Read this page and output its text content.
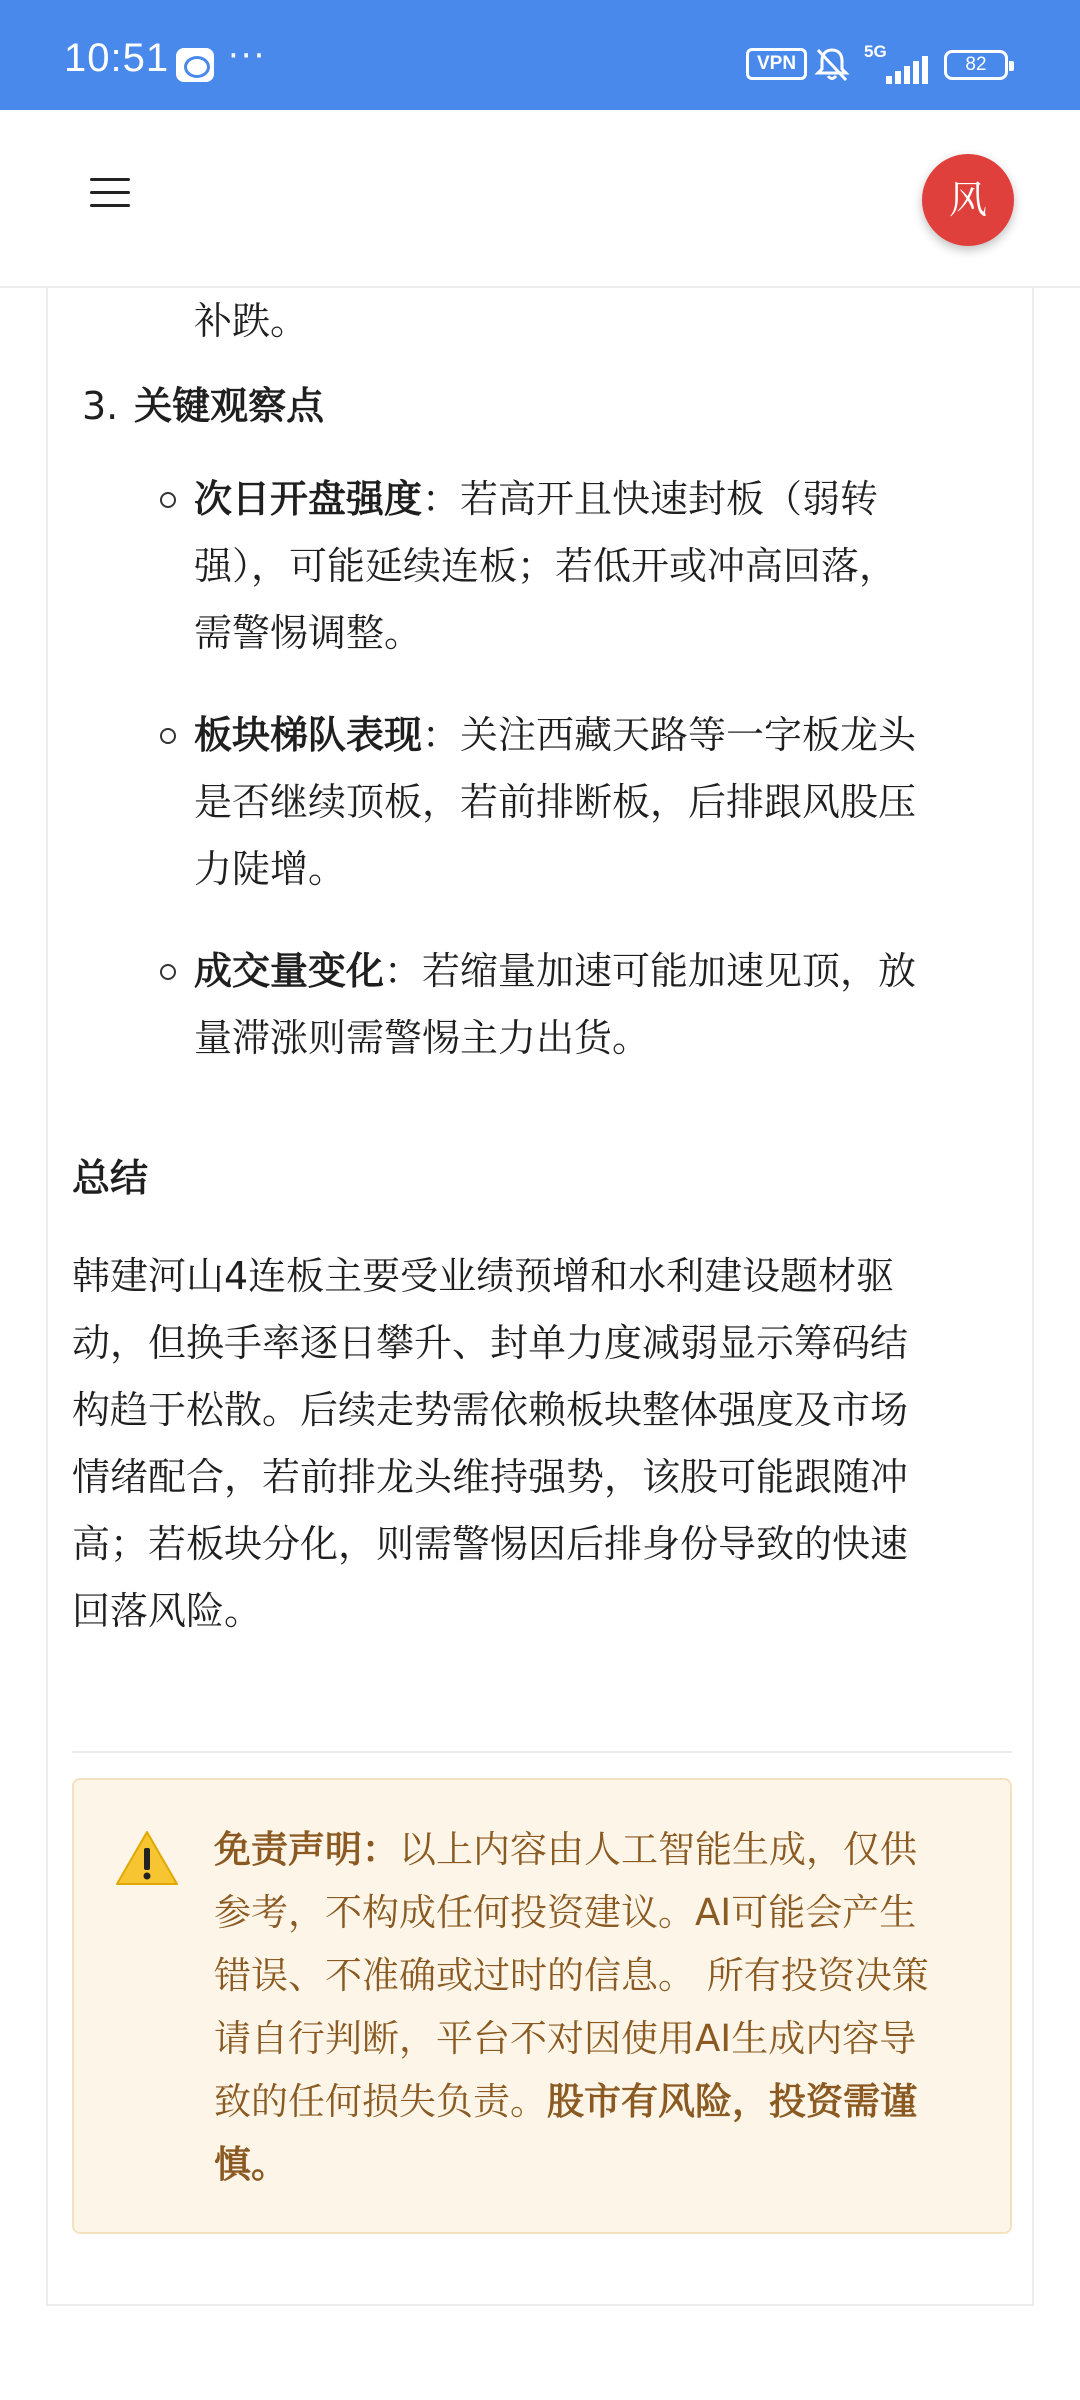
10:51 ···	VPN
5G
82
风
补跌。
3. 关键观察点
次日开盘强度：若高开且快速封板（弱转
强），可能延续连板；若低开或冲高回落，
需警惕调整。
板块梯队表现：关注西藏天路等一字板龙头
是否继续顶板，若前排断板，后排跟风股压
力陡增。
成交量变化：若缩量加速可能加速见顶，放
量滞涨则需警惕主力出货。
总结
韩建河山4连板主要受业绩预增和水利建设题材驱
动，但换手率逐日攀升、封单力度减弱显示筹码结
构趋于松散。后续走势需依赖板块整体强度及市场
情绪配合，若前排龙头维持强势，该股可能跟随冲
高；若板块分化，则需警惕因后排身份导致的快速
回落风险。
免责声明：以上内容由人工智能生成，仅供
参考，不构成任何投资建议。AI可能会产生
错误、不准确或过时的信息。 所有投资决策
请自行判断，平台不对因使用AI生成内容导
致的任何损失负责。股市有风险，投资需谨
慎。
